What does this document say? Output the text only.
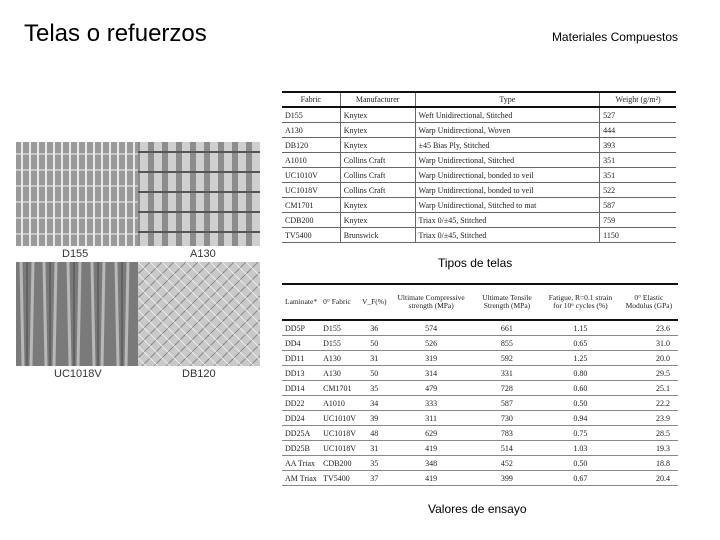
Telas o refuerzos	Materiales Compuestos
D155	A130
UC1018V	DB120
Fabric	Manufacturer	Type	Weight (g/m²)
D155	Knytex	Weft Unidirectional, Stitched	527
A130	Knytex	Warp Unidirectional, Woven	444
DB120	Knytex	±45 Bias Ply, Stitched	393
A1010	Collins Craft	Warp Unidirectional, Stitched	351
UC1010V	Collins Craft	Warp Unidirectional, bonded to veil	351
UC1018V	Collins Craft	Warp Unidirectional, bonded to veil	522
CM1701	Knytex	Warp Unidirectional, Stitched to mat	587
CDB200	Knytex	Triax 0/±45, Stitched	759
TV5400	Brunswick	Triax 0/±45, Stitched	1150
Tipos de telas
Laminate*	0° Fabric	V_F(%)	Ultimate Compressive strength (MPa)	Ultimate Tensile Strength (MPa)	Fatigue, R=0.1 strain for 10⁶ cycles (%)	0° Elastic Modulus (GPa)
DD5P	D155	36	574	661	1.15	23.6
DD4	D155	50	526	855	0.65	31.0
DD11	A130	31	319	592	1.25	20.0
DD13	A130	50	314	331	0.80	29.5
DD14	CM1701	35	479	728	0.60	25.1
DD22	A1010	34	333	587	0.50	22.2
DD24	UC1010V	39	311	730	0.94	23.9
DD25A	UC1018V	48	629	783	0.75	28.5
DD25B	UC1018V	31	419	514	1.03	19.3
AA Triax	CDB200	35	348	452	0.50	18.8
AM Triax	TV5400	37	419	399	0.67	20.4
Valores de ensayo
